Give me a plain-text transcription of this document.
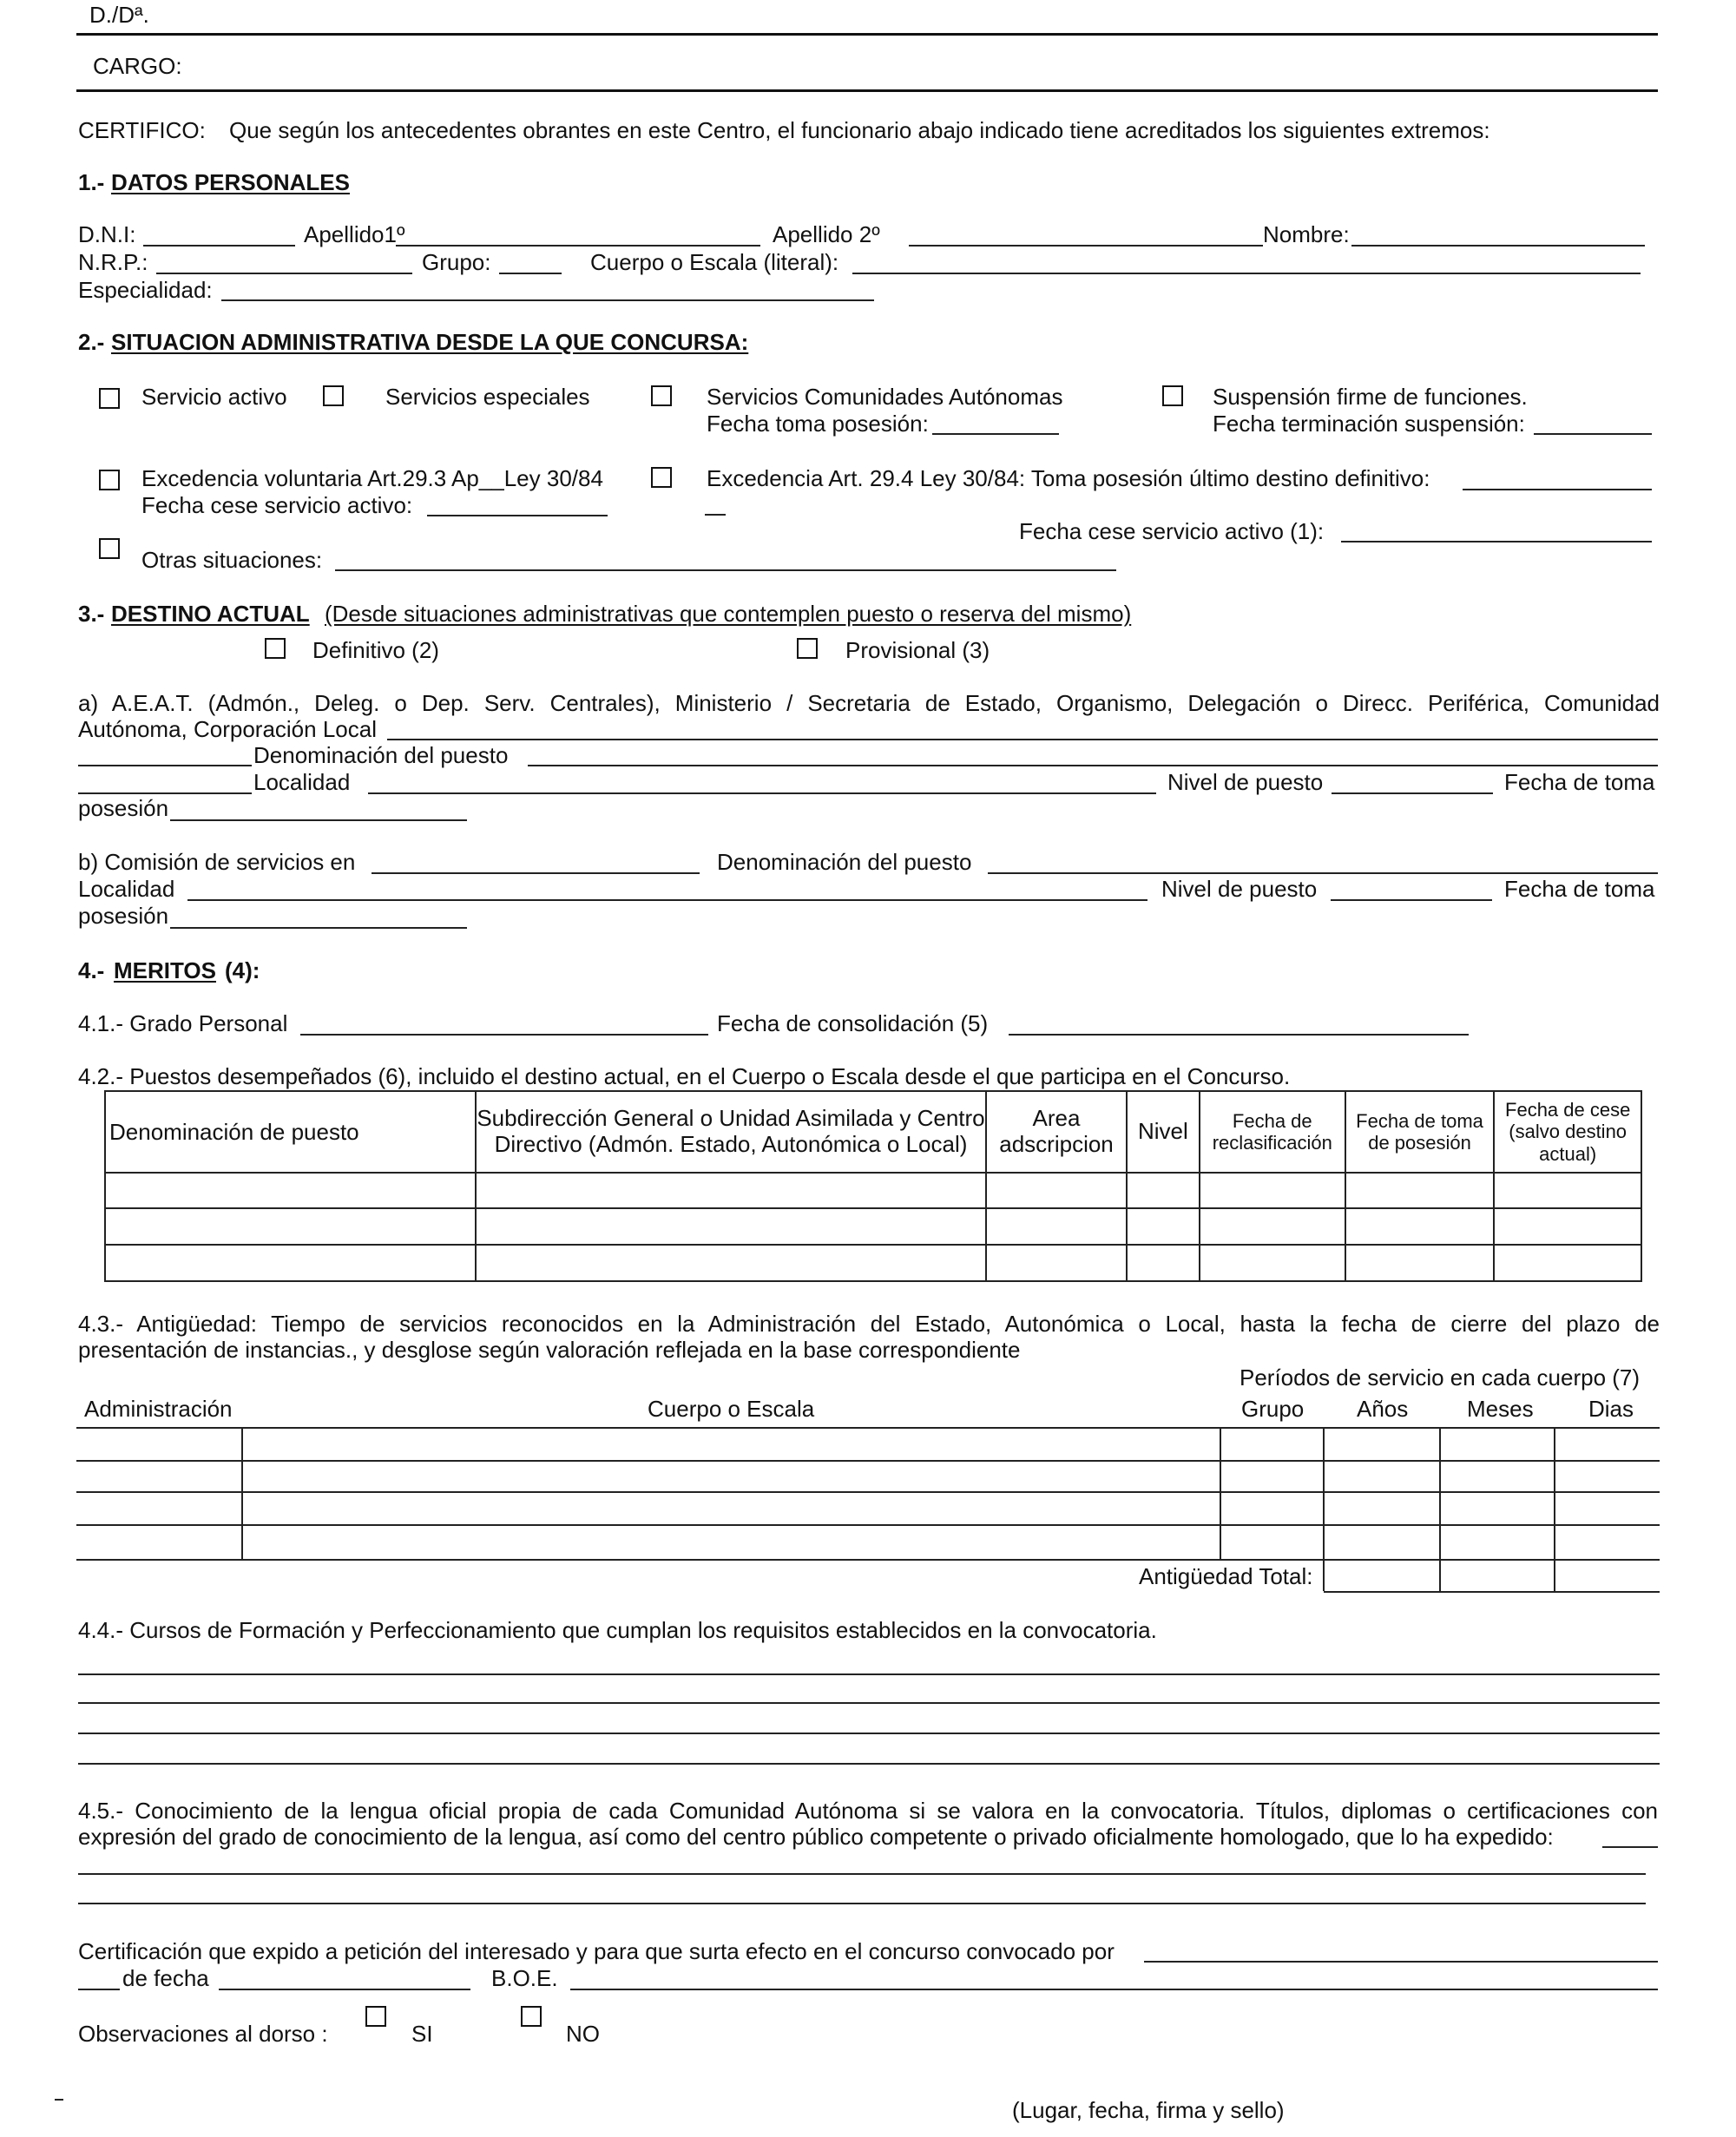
D./Dª.
CARGO:
CERTIFICO: Que según los antecedentes obrantes en este Centro, el funcionario abajo indicado tiene acreditados los siguientes extremos:
1.- DATOS PERSONALES
D.N.I:	Apellido1º	Apellido 2º	Nombre:
N.R.P.:	Grupo:	Cuerpo o Escala (literal):
Especialidad:
2.- SITUACION ADMINISTRATIVA DESDE LA QUE CONCURSA:
Servicio activo	Servicios especiales	Servicios Comunidades Autónomas
Fecha toma posesión:
Suspensión firme de funciones.
Fecha terminación suspensión:
Excedencia voluntaria Art.29.3 Ap__Ley 30/84
Fecha cese servicio activo:
Excedencia Art. 29.4 Ley 30/84: Toma posesión último destino definitivo:
Fecha cese servicio activo (1):
Otras situaciones:
3.- DESTINO ACTUAL (Desde situaciones administrativas que contemplen puesto o reserva del mismo)
Definitivo (2)	Provisional (3)
a) A.E.A.T. (Admón., Deleg. o Dep. Serv. Centrales), Ministerio / Secretaria de Estado, Organismo, Delegación o Direcc. Periférica, Comunidad
Autónoma, Corporación Local
Denominación del puesto
Localidad	Nivel de puesto	Fecha de toma
posesión
b) Comisión de servicios en	Denominación del puesto
Localidad	Nivel de puesto	Fecha de toma
posesión
4.- MERITOS (4):
4.1.- Grado Personal	Fecha de consolidación (5)
4.2.- Puestos desempeñados (6), incluido el destino actual, en el Cuerpo o Escala desde el que participa en el Concurso.
Denominación de puesto	Subdirección General o Unidad Asimilada y Centro Directivo (Admón. Estado, Autonómica o Local)	Area adscripcion	Nivel	Fecha de reclasificación	Fecha de toma de posesión	Fecha de cese (salvo destino actual)

4.3.- Antigüedad: Tiempo de servicios reconocidos en la Administración del Estado, Autonómica o Local, hasta la fecha de cierre del plazo de
presentación de instancias., y desglose según valoración reflejada en la base correspondiente
Períodos de servicio en cada cuerpo (7)
Administración	Cuerpo o Escala	Grupo Años	Meses Dias
Antigüedad Total:
4.4.- Cursos de Formación y Perfeccionamiento que cumplan los requisitos establecidos en la convocatoria.
4.5.- Conocimiento de la lengua oficial propia de cada Comunidad Autónoma si se valora en la convocatoria. Títulos, diplomas o certificaciones con
expresión del grado de conocimiento de la lengua, así como del centro público competente o privado oficialmente homologado, que lo ha expedido:
Certificación que expido a petición del interesado y para que surta efecto en el concurso convocado por
de fecha	B.O.E.
Observaciones al dorso :	SI	NO
(Lugar, fecha, firma y sello)
